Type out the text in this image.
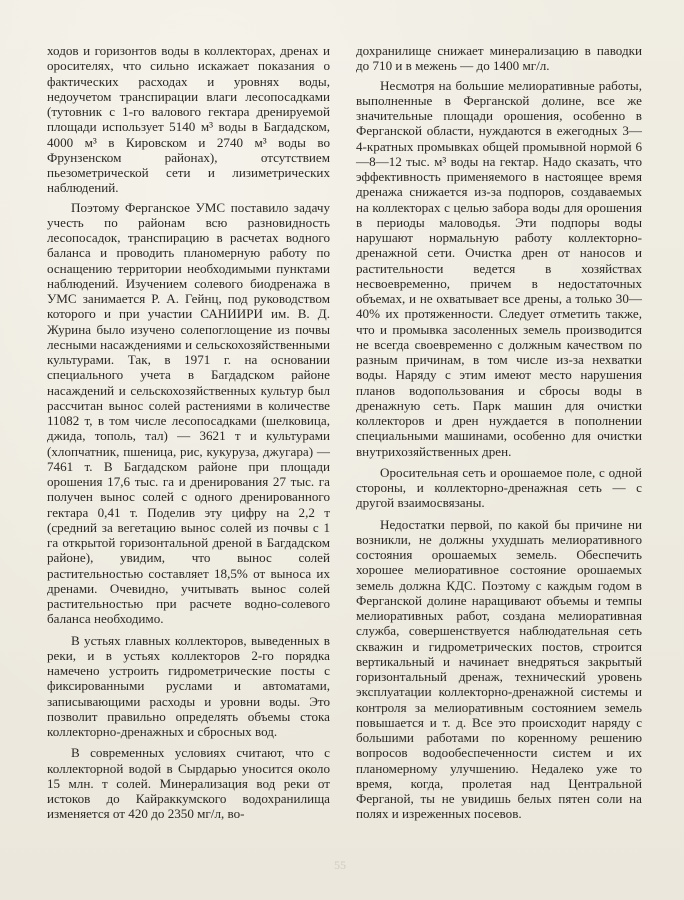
ходов и горизонтов воды в коллекторах, дренах и оросителях, что сильно искажает показания о фактических расходах и уровнях воды, недоучетом транспирации влаги лесопосадками (тутовник с 1-го валового гектара дренируемой площади использует 5140 м³ воды в Багдадском, 4000 м³ в Кировском и 2740 м³ воды во Фрунзенском районах), отсутствием пьезометрической сети и лизиметрических наблюдений.

Поэтому Ферганское УМС поставило задачу учесть по районам всю разновидность лесопосадок, транспирацию в расчетах водного баланса и проводить планомерную работу по оснащению территории необходимыми пунктами наблюдений. Изучением солевого биодренажа в УМС занимается Р. А. Гейнц, под руководством которого и при участии САНИИРИ им. В. Д. Журина было изучено солепоглощение из почвы лесными насаждениями и сельскохозяйственными культурами. Так, в 1971 г. на основании специального учета в Багдадском районе насаждений и сельскохозяйственных культур был рассчитан вынос солей растениями в количестве 11082 т, в том числе лесопосадками (шелковица, джида, тополь, тал) — 3621 т и культурами (хлопчатник, пшеница, рис, кукуруза, джугара) — 7461 т. В Багдадском районе при площади орошения 17,6 тыс. га и дренирования 27 тыс. га получен вынос солей с одного дренированного гектара 0,41 т. Поделив эту цифру на 2,2 т (средний за вегетацию вынос солей из почвы с 1 га открытой горизонтальной дреной в Багдадском районе), увидим, что вынос солей растительностью составляет 18,5% от выноса их дренами. Очевидно, учитывать вынос солей растительностью при расчете водно-солевого баланса необходимо.

В устьях главных коллекторов, выведенных в реки, и в устьях коллекторов 2-го порядка намечено устроить гидрометрические посты с фиксированными руслами и автоматами, записывающими расходы и уровни воды. Это позволит правильно определять объемы стока коллекторно-дренажных и сбросных вод.

В современных условиях считают, что с коллекторной водой в Сырдарью уносится около 15 млн. т солей. Минерализация вод реки от истоков до Кайраккумского водохранилища изменяется от 420 до 2350 мг/л, во-

дохранилище снижает минерализацию в паводки до 710 и в межень — до 1400 мг/л.

Несмотря на большие мелиоративные работы, выполненные в Ферганской долине, все же значительные площади орошения, особенно в Ферганской области, нуждаются в ежегодных 3—4-кратных промывках общей промывной нормой 6—8—12 тыс. м³ воды на гектар. Надо сказать, что эффективность применяемого в настоящее время дренажа снижается из-за подпоров, создаваемых на коллекторах с целью забора воды для орошения в периоды маловодья. Эти подпоры воды нарушают нормальную работу коллекторно-дренажной сети. Очистка дрен от наносов и растительности ведется в хозяйствах несвоевременно, причем в недостаточных объемах, и не охватывает все дрены, а только 30—40% их протяженности. Следует отметить также, что и промывка засоленных земель производится не всегда своевременно с должным качеством по разным причинам, в том числе из-за нехватки воды. Наряду с этим имеют место нарушения планов водопользования и сбросы воды в дренажную сеть. Парк машин для очистки коллекторов и дрен нуждается в пополнении специальными машинами, особенно для очистки внутрихозяйственных дрен.

Оросительная сеть и орошаемое поле, с одной стороны, и коллекторно-дренажная сеть — с другой взаимосвязаны.

Недостатки первой, по какой бы причине ни возникли, не должны ухудшать мелиоративного состояния орошаемых земель. Обеспечить хорошее мелиоративное состояние орошаемых земель должна КДС. Поэтому с каждым годом в Ферганской долине наращивают объемы и темпы мелиоративных работ, создана мелиоративная служба, совершенствуется наблюдательная сеть скважин и гидрометрических постов, строится вертикальный и начинает внедряться закрытый горизонтальный дренаж, технический уровень эксплуатации коллекторно-дренажной системы и контроля за мелиоративным состоянием земель повышается и т. д. Все это происходит наряду с большими работами по коренному решению вопросов водообеспеченности систем и их планомерному улучшению. Недалеко уже то время, когда, пролетая над Центральной Ферганой, ты не увидишь белых пятен соли на полях и изреженных посевов.

55
